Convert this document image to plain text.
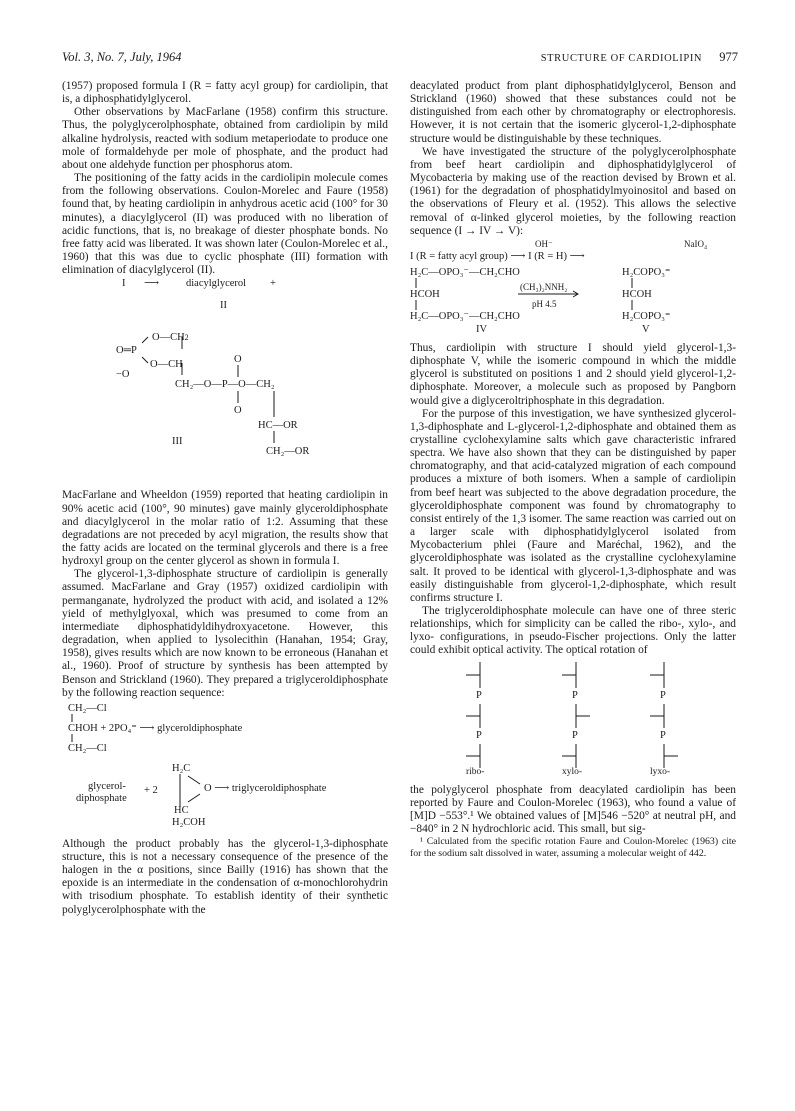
Vol. 3, No. 7, July, 1964	STRUCTURE OF CARDIOLIPIN 977

(1957) proposed formula I (R = fatty acyl group) for cardiolipin, that is, a diphosphatidylglycerol.

Other observations by MacFarlane (1958) confirm this structure. Thus, the polyglycerolphosphate, obtained from cardiolipin by mild alkaline hydrolysis, reacted with sodium metaperiodate to produce one mole of formaldehyde per mole of phosphate, and the product had about one aldehyde function per phosphorus atom.

The positioning of the fatty acids in the cardiolipin molecule comes from the following observations. Coulon-Morelec and Faure (1958) found that, by heating cardiolipin in anhydrous acetic acid (100° for 30 minutes), a diacylglycerol (II) was produced with no liberation of acidic functions, that is, no breakage of diester phosphate bonds. No free fatty acid was liberated. It was shown later (Coulon-Morelec et al., 1960) that this was due to cyclic phosphate (III) formation with elimination of diacylglycerol (II).

I ⟶	diacylglycerol +
II
O—CH2
O═P
O—CH
−O
O
CH₂—O—P—O—CH₂
O
HC—OR
III
CH₂—OR

MacFarlane and Wheeldon (1959) reported that heating cardiolipin in 90% acetic acid (100°, 90 minutes) gave mainly glyceroldiphosphate and diacylglycerol in the molar ratio of 1:2. Assuming that these degradations are not preceded by acyl migration, the results show that the fatty acids are located on the terminal glycerols and there is a free hydroxyl group on the center glycerol as shown in formula I.

The glycerol-1,3-diphosphate structure of cardiolipin is generally assumed. MacFarlane and Gray (1957) oxidized cardiolipin with permanganate, hydrolyzed the product with acid, and isolated a 12% yield of methylglyoxal, which was presumed to come from an intermediate diphosphatidyldihydroxyacetone. However, this degradation, when applied to lysolecithin (Hanahan, 1954; Gray, 1958), gives results which are now known to be erroneous (Hanahan et al., 1960). Proof of structure by synthesis has been attempted by Benson and Strickland (1960). They prepared a triglyceroldiphosphate by the following reaction sequence:

CH₂—Cl
CHOH + 2PO₄⁼ ⟶ glyceroldiphosphate
CH₂—Cl
H₂C
glycerol-
diphosphate
+ 2	O ⟶ triglyceroldiphosphate
HC
H₂COH

Although the product probably has the glycerol-1,3-diphosphate structure, this is not a necessary consequence of the presence of the halogen in the α positions, since Bailly (1916) has shown that the epoxide is an intermediate in the condensation of α-monochlorohydrin with trisodium phosphate. To establish identity of their synthetic polyglycerolphosphate with the

deacylated product from plant diphosphatidylglycerol, Benson and Strickland (1960) showed that these substances could not be distinguished from each other by chromatography or electrophoresis. However, it is not certain that the isomeric glycerol-1,2-diphosphate structure would be distinguishable by these techniques.

We have investigated the structure of the polyglycerolphosphate from beef heart cardiolipin and diphosphatidylglycerol of Mycobacteria by making use of the reaction devised by Brown et al. (1961) for the degradation of phosphatidylmyoinositol and based on the observations of Fleury et al. (1952). This allows the selective removal of α-linked glycerol moieties, by the following reaction sequence (I → IV → V):

OH⁻	NaIO₄
I (R = fatty acyl group) ⟶ I (R = H) ⟶
H₂C—OPO₃⁻—CH₂CHO	H₂COPO₃⁼
(CH₃)₂NNH₂
HCOH	HCOH
pH 4.5
H₂C—OPO₃⁻—CH₂CHO	H₂COPO₃⁼
IV	V

Thus, cardiolipin with structure I should yield glycerol-1,3-diphosphate V, while the isomeric compound in which the middle glycerol is substituted on positions 1 and 2 should yield glycerol-1,2-diphosphate. Moreover, a molecule such as proposed by Pangborn would give a diglyceroltriphosphate in this degradation.

For the purpose of this investigation, we have synthesized glycerol-1,3-diphosphate and L-glycerol-1,2-diphosphate and obtained them as crystalline cyclohexylamine salts which gave characteristic infrared spectra. We have also shown that they can be distinguished by paper chromatography, and that acid-catalyzed migration of each compound produces a mixture of both isomers. When a sample of cardiolipin from beef heart was subjected to the above degradation procedure, the glyceroldiphosphate component was found by chromatography to consist entirely of the 1,3 isomer. The same reaction was carried out on a larger scale with diphosphatidylglycerol isolated from Mycobacterium phlei (Faure and Maréchal, 1962), and the glyceroldiphosphate was isolated as the crystalline cyclohexylamine salt. It proved to be identical with glycerol-1,3-diphosphate and was easily distinguishable from glycerol-1,2-diphosphate, which result confirms structure I.

The triglyceroldiphosphate molecule can have one of three steric relationships, which for simplicity can be called the ribo-, xylo-, and lyxo- configurations, in pseudo-Fischer projections. Only the latter could exhibit optical activity. The optical rotation of

P
P
P
P
P
P
ribo-	xylo-	lyxo-

the polyglycerol phosphate from deacylated cardiolipin has been reported by Faure and Coulon-Morelec (1963), who found a value of [M]D −553°.¹ We obtained values of [M]546 −520° at neutral pH, and −840° in 2 N hydrochloric acid. This small, but sig-

¹ Calculated from the specific rotation Faure and Coulon-Morelec (1963) cite for the sodium salt dissolved in water, assuming a molecular weight of 442.
